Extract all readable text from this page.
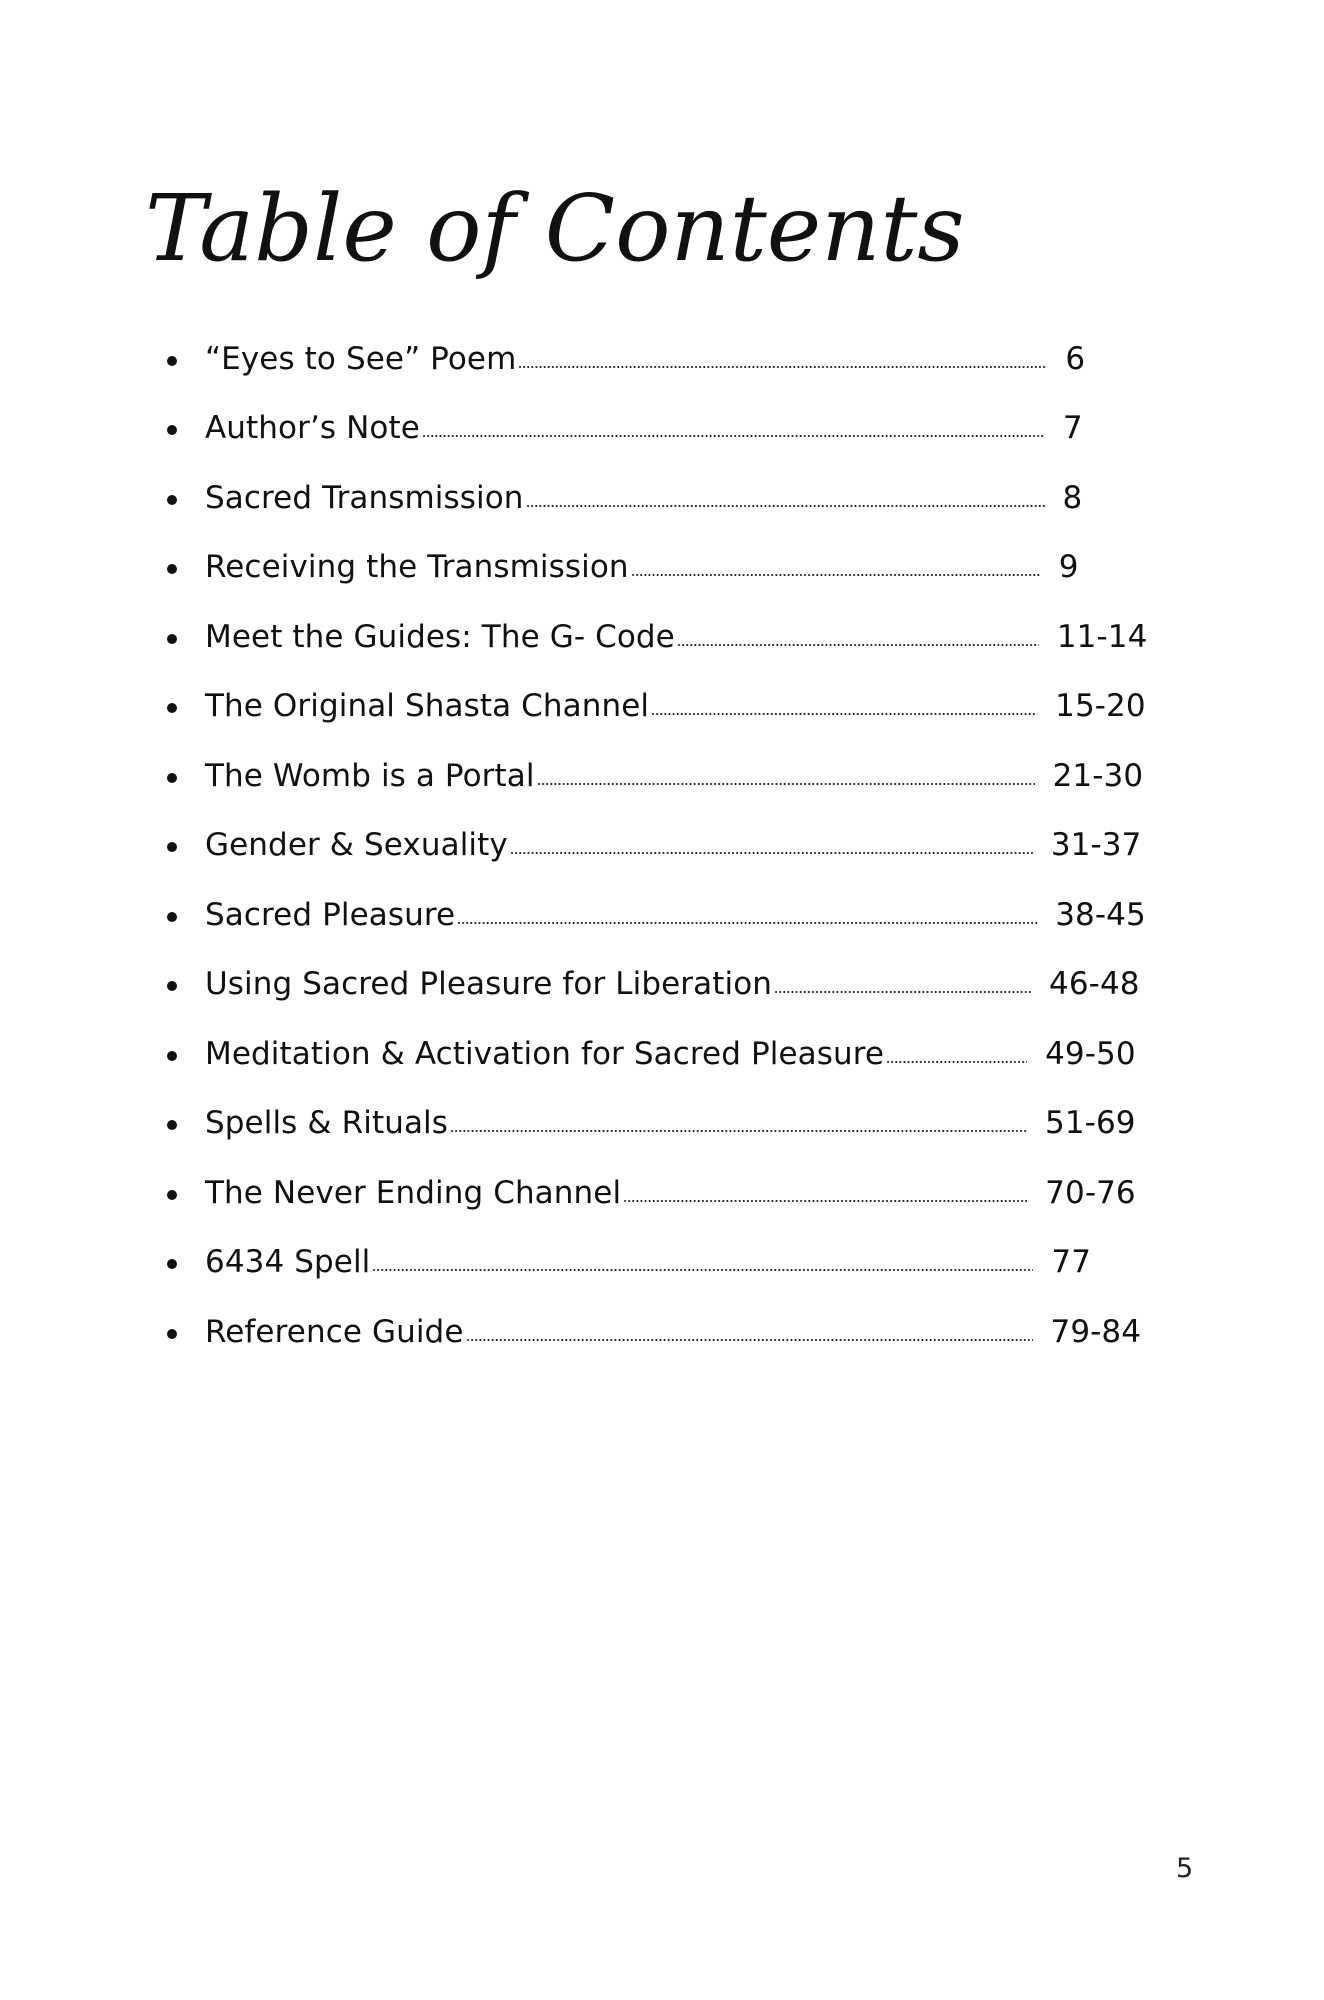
Table of Contents
“Eyes to See” Poem	6
Author’s Note	7
Sacred Transmission	8
Receiving the Transmission	9
Meet the Guides: The G- Code	11-14
The Original Shasta Channel	15-20
The Womb is a Portal	21-30
Gender & Sexuality	31-37
Sacred Pleasure	38-45
Using Sacred Pleasure for Liberation	46-48
Meditation & Activation for Sacred Pleasure	49-50
Spells & Rituals	51-69
The Never Ending Channel	70-76
6434 Spell	77
Reference Guide	79-84
5
